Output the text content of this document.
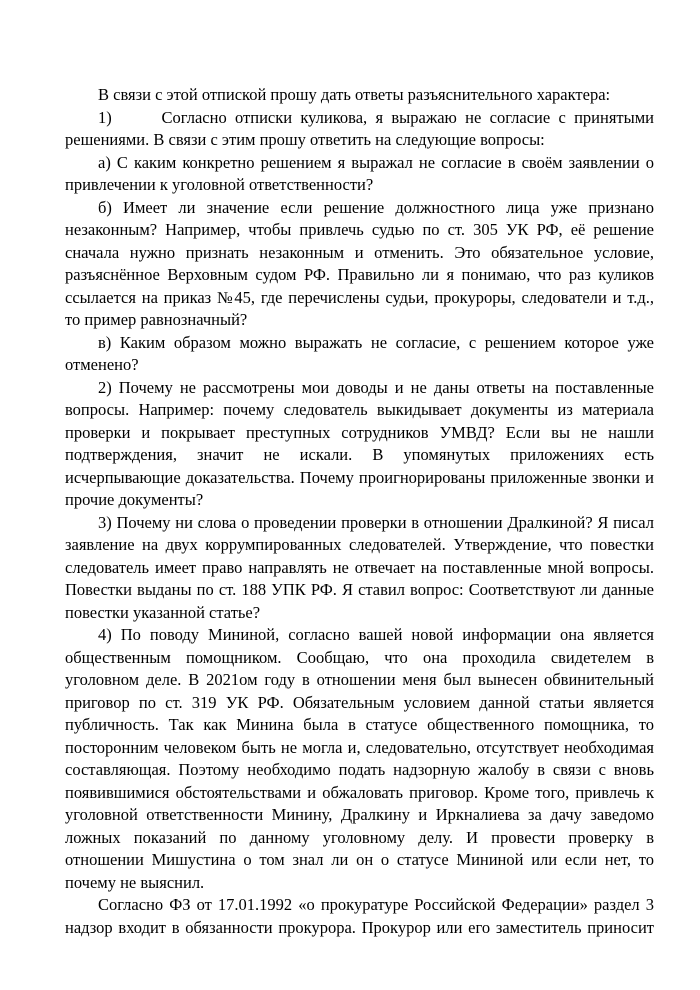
В связи с этой отпиской прошу дать ответы разъяснительного характера:

1)      Согласно отписки куликова, я выражаю не согласие с принятыми решениями. В связи с этим прошу ответить на следующие вопросы:

а) С каким конкретно решением я выражал не согласие в своём заявлении о привлечении к уголовной ответственности?

б) Имеет ли значение если решение должностного лица уже признано незаконным? Например, чтобы привлечь судью по ст. 305 УК РФ, её решение сначала нужно признать незаконным и отменить. Это обязательное условие, разъяснённое Верховным судом РФ. Правильно ли я понимаю, что раз куликов ссылается на приказ №45, где перечислены судьи, прокуроры, следователи и т.д., то пример равнозначный?

в) Каким образом можно выражать не согласие, с решением которое уже отменено?

2) Почему не рассмотрены мои доводы и не даны ответы на поставленные вопросы. Например: почему следователь выкидывает документы из материала проверки и покрывает преступных сотрудников УМВД? Если вы не нашли подтверждения, значит не искали. В упомянутых приложениях есть исчерпывающие доказательства. Почему проигнорированы приложенные звонки и прочие документы?

3) Почему ни слова о проведении проверки в отношении Дралкиной? Я писал заявление на двух коррумпированных следователей. Утверждение, что повестки следователь имеет право направлять не отвечает на поставленные мной вопросы. Повестки выданы по ст. 188 УПК РФ. Я ставил вопрос: Соответствуют ли данные повестки указанной статье?

4) По поводу Мининой, согласно вашей новой информации она является общественным помощником. Сообщаю, что она проходила свидетелем в уголовном деле. В 2021ом году в отношении меня был вынесен обвинительный приговор по ст. 319 УК РФ. Обязательным условием данной статьи является публичность. Так как Минина была в статусе общественного помощника, то посторонним человеком быть не могла и, следовательно, отсутствует необходимая составляющая. Поэтому необходимо подать надзорную жалобу в связи с вновь появившимися обстоятельствами и обжаловать приговор. Кроме того, привлечь к уголовной ответственности Минину, Дралкину и Иркналиева за дачу заведомо ложных показаний по данному уголовному делу. И провести проверку в отношении Мишустина о том знал ли он о статусе Мининой или если нет, то почему не выяснил.

Согласно ФЗ от 17.01.1992 «о прокуратуре Российской Федерации» раздел 3 надзор входит в обязанности прокурора. Прокурор или его заместитель приносит
